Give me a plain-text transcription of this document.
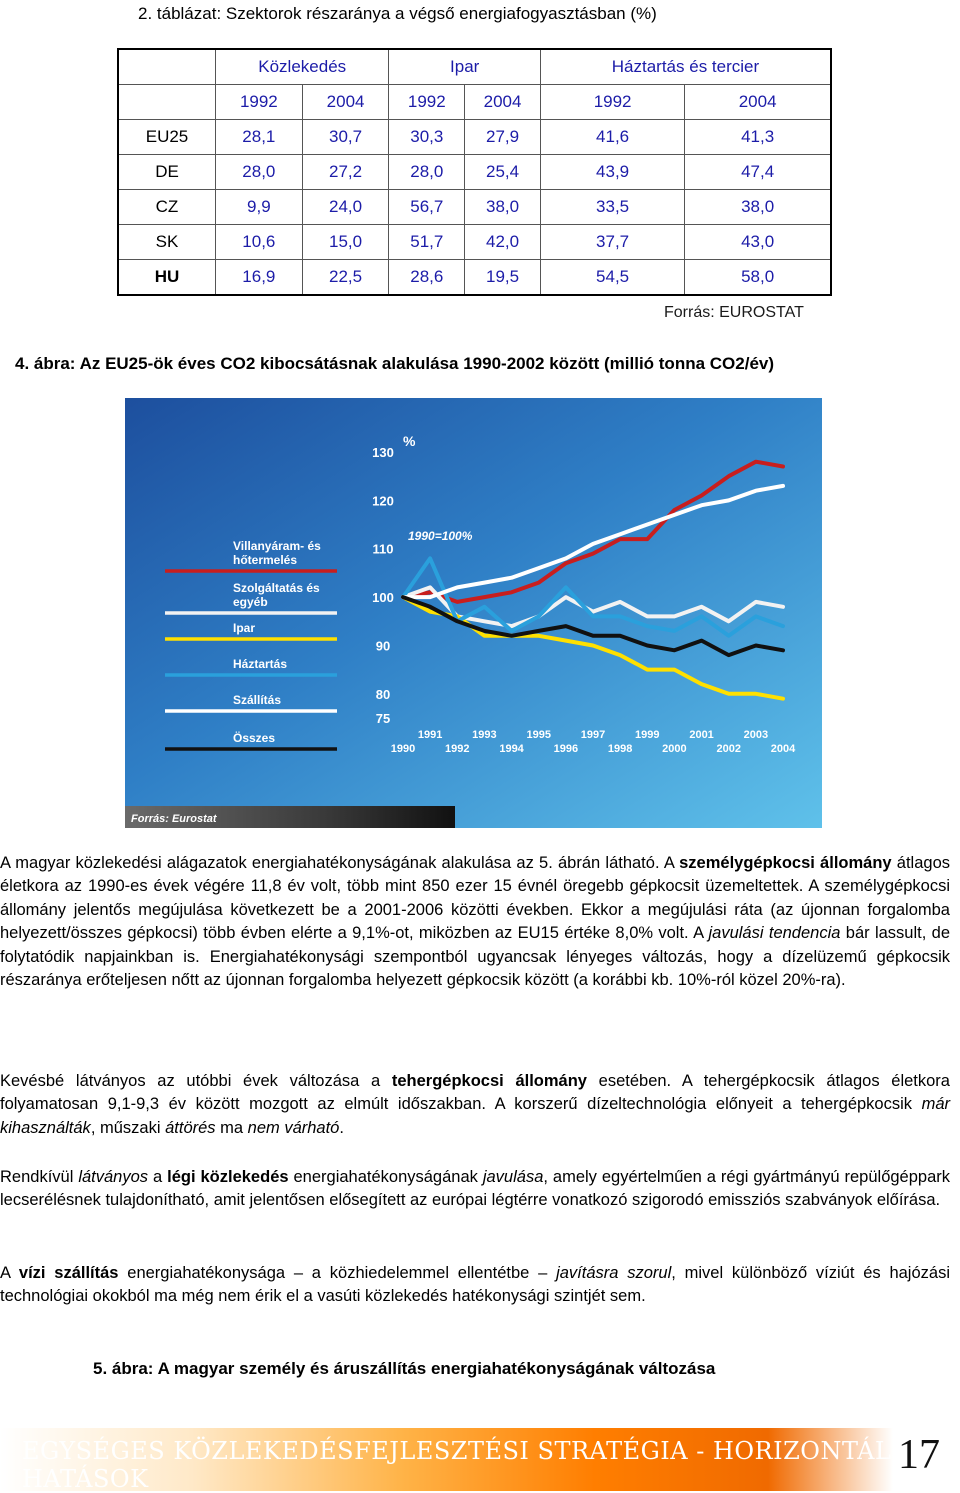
2. táblázat: Szektorok részaránya a végső energiafogyasztásban (%)
	Közlekedés		Ipar		Háztartás és tercier	
	1992	2004	1992	2004	1992	2004
EU25	28,1	30,7	30,3	27,9	41,6	41,3
DE	28,0	27,2	28,0	25,4	43,9	47,4
CZ	9,9	24,0	56,7	38,0	33,5	38,0
SK	10,6	15,0	51,7	42,0	37,7	43,0
HU	16,9	22,5	28,6	19,5	54,5	58,0
Forrás: EUROSTAT
4. ábra: Az EU25-ök éves CO2 kibocsátásnak alakulása 1990-2002 között (millió tonna CO2/év)
130
120
110
100
90
80
75
1991	1993	1995	1997	1999	2001	2003
1990	1992	1994	1996	1998	2000	2002	2004
Villanyáram- és
hőtermelés
Szolgáltatás és
egyéb
Ipar
Háztartás
Szállítás
Összes
%
1990=100%
Forrás: Eurostat

A magyar közlekedési alágazatok energiahatékonyságának alakulása az 5. ábrán látható. A személygépkocsi állomány átlagos életkora az 1990-es évek végére 11,8 év volt, több mint 850 ezer 15 évnél öregebb gépkocsit üzemeltettek. A személygépkocsi állomány jelentős megújulása következett be a 2001-2006 közötti években. Ekkor a megújulási ráta (az újonnan forgalomba helyezett/összes gépkocsi) több évben elérte a 9,1%-ot, miközben az EU15 értéke 8,0% volt. A javulási tendencia bár lassult, de folytatódik napjainkban is. Energiahatékonysági szempontból ugyancsak lényeges változás, hogy a dízelüzemű gépkocsik részaránya erőteljesen nőtt az újonnan forgalomba helyezett gépkocsik között (a korábbi kb. 10%-ról közel 20%-ra).

Kevésbé látványos az utóbbi évek változása a tehergépkocsi állomány esetében. A tehergépkocsik átlagos életkora folyamatosan 9,1-9,3 év között mozgott az elmúlt időszakban. A korszerű dízeltechnológia előnyeit a tehergépkocsik már kihasználták, műszaki áttörés ma nem várható.

Rendkívül látványos a légi közlekedés energiahatékonyságának javulása, amely egyértelműen a régi gyártmányú repülőgéppark lecserélésnek tulajdonítható, amit jelentősen elősegített az európai légtérre vonatkozó szigorodó emissziós szabványok előírása.

A vízi szállítás energiahatékonysága – a közhiedelemmel ellentétbe – javításra szorul, mivel különböző víziút és hajózási technológiai okokból ma még nem érik el a vasúti közlekedés hatékonysági szintjét sem.

5. ábra: A magyar személy és áruszállítás energiahatékonyságának változása
EGYSÉGES KÖZLEKEDÉSFEJLESZTÉSI STRATÉGIA - HORIZONTÁLIS HATÁSOK
17
